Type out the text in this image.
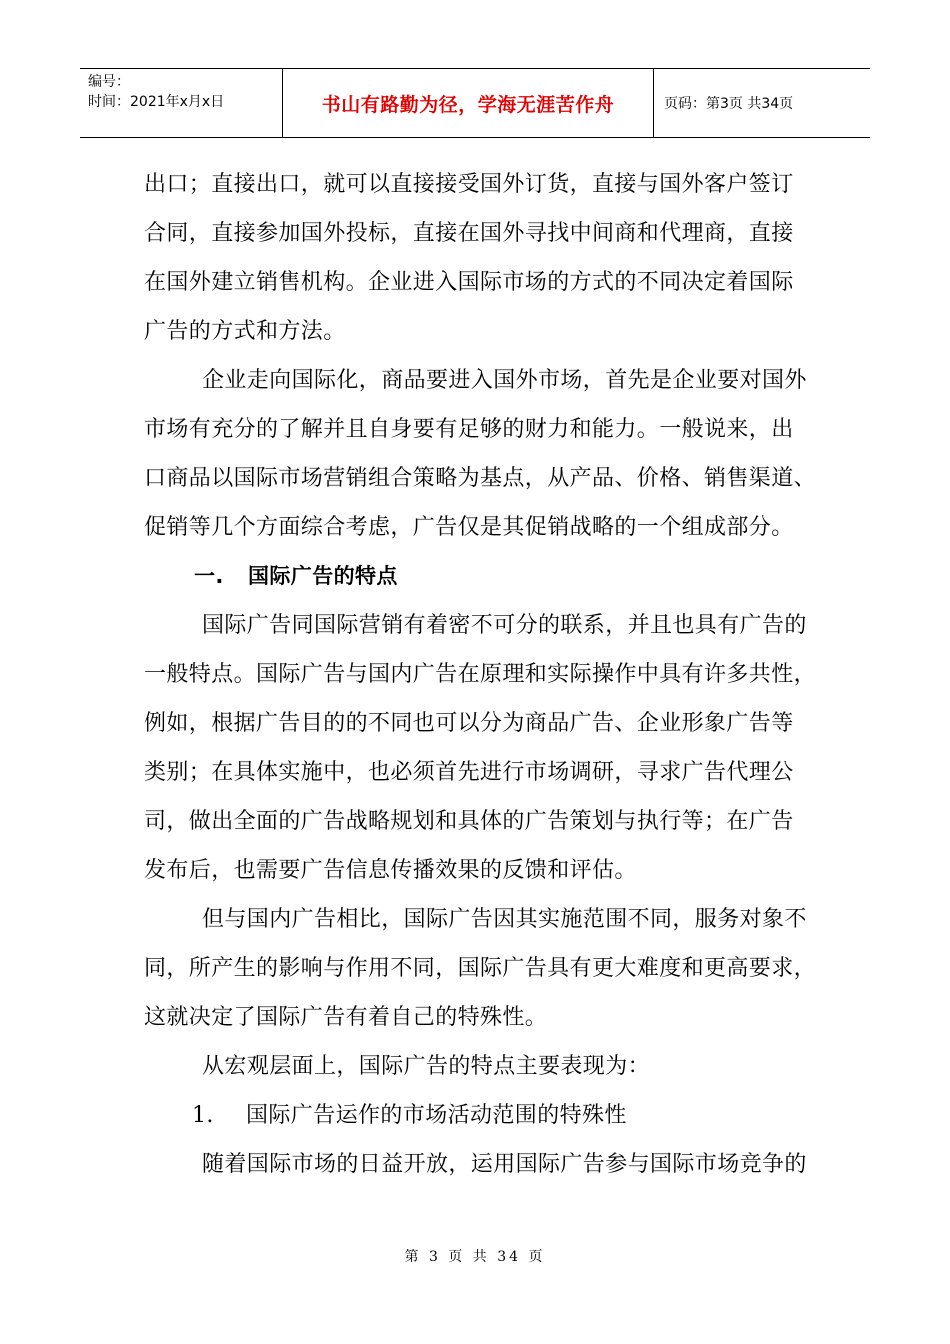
编号：
时间：2021年x月x日	书山有路勤为径，学海无涯苦作舟	页码：第3页 共34页
出口；直接出口，就可以直接接受国外订货，直接与国外客户签订
合同，直接参加国外投标，直接在国外寻找中间商和代理商，直接
在国外建立销售机构。企业进入国际市场的方式的不同决定着国际
广告的方式和方法。
企业走向国际化，商品要进入国外市场，首先是企业要对国外
市场有充分的了解并且自身要有足够的财力和能力。一般说来，出
口商品以国际市场营销组合策略为基点，从产品、价格、销售渠道、
促销等几个方面综合考虑，广告仅是其促销战略的一个组成部分。
一. 国际广告的特点
国际广告同国际营销有着密不可分的联系，并且也具有广告的
一般特点。国际广告与国内广告在原理和实际操作中具有许多共性，
例如，根据广告目的的不同也可以分为商品广告、企业形象广告等
类别；在具体实施中，也必须首先进行市场调研，寻求广告代理公
司，做出全面的广告战略规划和具体的广告策划与执行等；在广告
发布后，也需要广告信息传播效果的反馈和评估。
但与国内广告相比，国际广告因其实施范围不同，服务对象不
同，所产生的影响与作用不同，国际广告具有更大难度和更高要求，
这就决定了国际广告有着自己的特殊性。
从宏观层面上，国际广告的特点主要表现为：
1. 国际广告运作的市场活动范围的特殊性
随着国际市场的日益开放，运用国际广告参与国际市场竞争的
第 3 页 共 34 页
